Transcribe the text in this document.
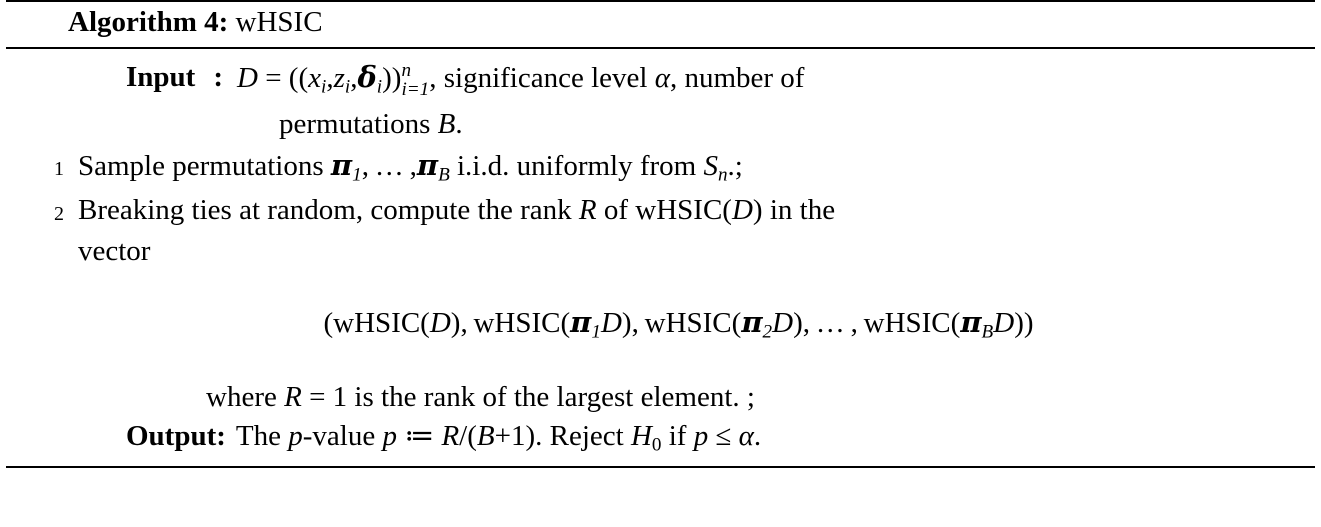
Algorithm 4: wHSIC
Input : $D = ((x_i,z_i,\delta_i))$ n
i=1 , significance level α, number of
permutations B.
1 Sample permutations $\pi_1$, … $,\pi_B$ i.i.d. uniformly from $S_n$.;
2 Breaking ties at random, compute the rank R of wHSIC(D) in the
vector
(wHSIC(D), $wHSIC(\pi_1D)$, $wHSIC(\pi_2D)$, … , $wHSIC(\pi_BD)$)
where R = 1 is the rank of the largest element. ;
Output: The p-value p ≔ R/(B+1). Reject $H_0$ if p ≤ α.
